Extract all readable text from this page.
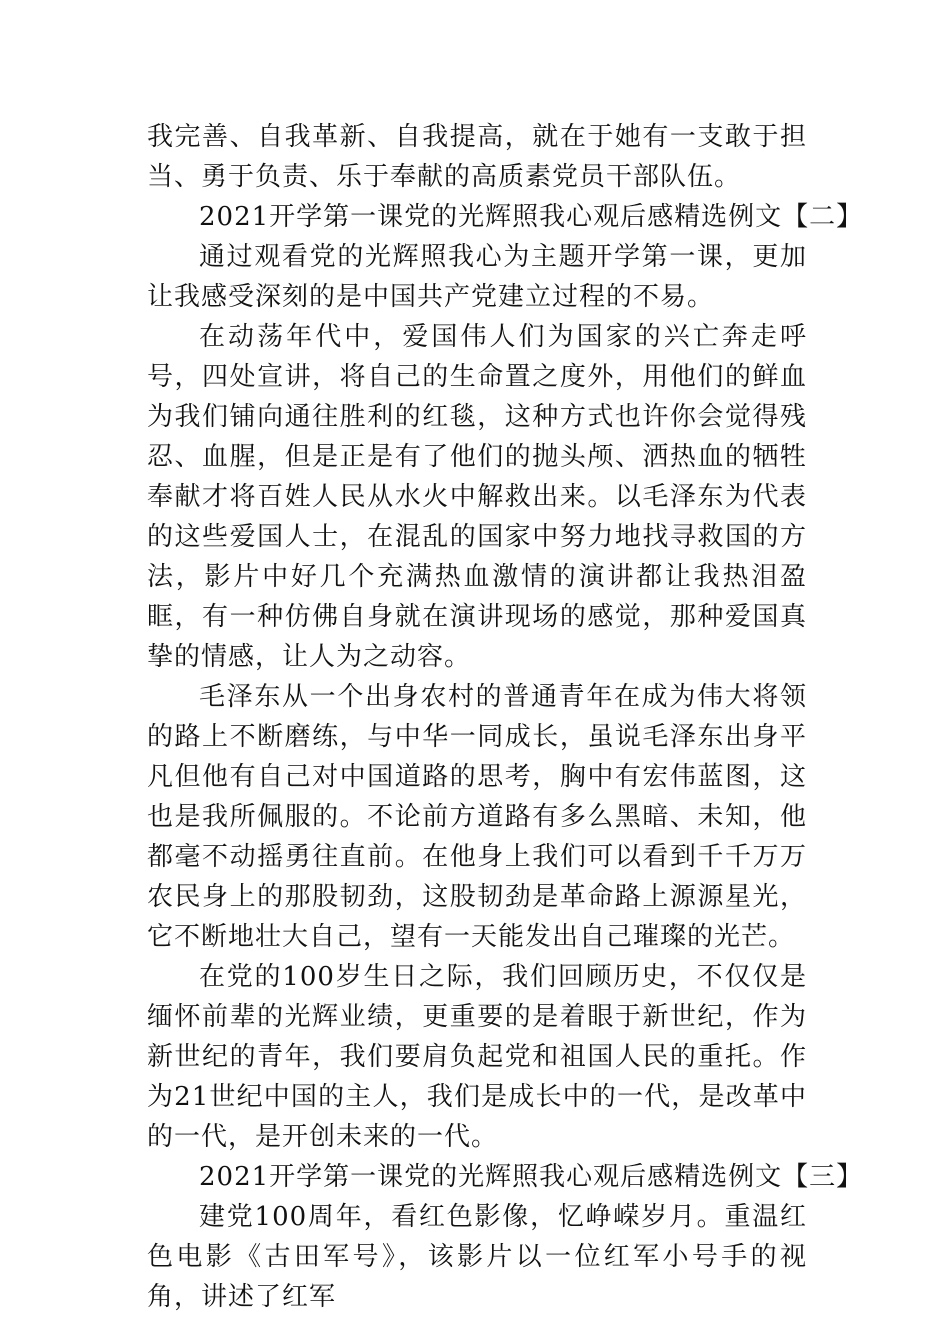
我完善、自我革新、自我提高，就在于她有一支敢于担当、勇于负责、乐于奉献的高质素党员干部队伍。

2021开学第一课党的光辉照我心观后感精选例文【二】

通过观看党的光辉照我心为主题开学第一课，更加让我感受深刻的是中国共产党建立过程的不易。

在动荡年代中，爱国伟人们为国家的兴亡奔走呼号，四处宣讲，将自己的生命置之度外，用他们的鲜血为我们铺向通往胜利的红毯，这种方式也许你会觉得残忍、血腥，但是正是有了他们的抛头颅、洒热血的牺牲奉献才将百姓人民从水火中解救出来。以毛泽东为代表的这些爱国人士，在混乱的国家中努力地找寻救国的方法，影片中好几个充满热血激情的演讲都让我热泪盈眶，有一种仿佛自身就在演讲现场的感觉，那种爱国真挚的情感，让人为之动容。

毛泽东从一个出身农村的普通青年在成为伟大将领的路上不断磨练，与中华一同成长，虽说毛泽东出身平凡但他有自己对中国道路的思考，胸中有宏伟蓝图，这也是我所佩服的。不论前方道路有多么黑暗、未知，他都毫不动摇勇往直前。在他身上我们可以看到千千万万农民身上的那股韧劲，这股韧劲是革命路上源源星光，它不断地壮大自己，望有一天能发出自己璀璨的光芒。

在党的100岁生日之际，我们回顾历史，不仅仅是缅怀前辈的光辉业绩，更重要的是着眼于新世纪，作为新世纪的青年，我们要肩负起党和祖国人民的重托。作为21世纪中国的主人，我们是成长中的一代，是改革中的一代，是开创未来的一代。

2021开学第一课党的光辉照我心观后感精选例文【三】

建党100周年，看红色影像，忆峥嵘岁月。重温红色电影《古田军号》，该影片以一位红军小号手的视角，讲述了红军
